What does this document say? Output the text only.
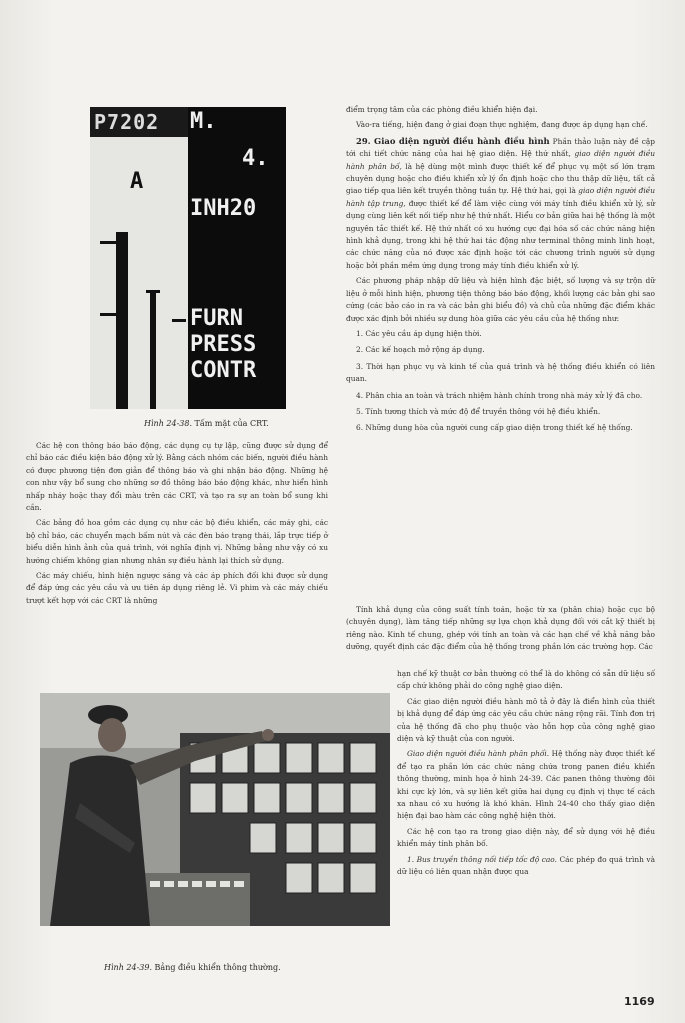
P7202
A
M.
4.
INH20
FURN
PRESS
CONTR
Hình 24-38. Tấm mặt của CRT.

Các hệ con thông báo báo động, các dụng cụ tự lập, cũng được sử dụng để chỉ báo các điều kiện báo động xử lý. Bằng cách nhóm các biến, người điều hành có được phương tiện đơn giản để thông báo và ghi nhận báo động. Những hệ con như vậy bổ sung cho những sơ đồ thông báo báo động khác, như hiển hình nhấp nháy hoặc thay đổi màu trên các CRT, và tạo ra sự an toàn bổ sung khi cần.

Các bảng đồ hoa gồm các dụng cụ như các bộ điều khiển, các máy ghi, các bộ chỉ báo, các chuyển mạch bấm nút và các đèn báo trạng thái, lắp trực tiếp ở biểu diễn hình ảnh của quá trình, với nghĩa định vị. Những bảng như vậy có xu hướng chiếm không gian nhưng nhân sự điều hành lại thích sử dụng.

Các máy chiếu, hình hiện ngược sáng và các áp phích đối khi được sử dụng để đáp ứng các yêu cầu và ưu tiên áp dụng riêng lẻ. Vi phim và các máy chiếu trượt kết hợp với các CRT là những

Hình 24-39. Bảng điều khiển thông thường.

điểm trọng tâm của các phòng điều khiển hiện đại.

Vào-ra tiếng, hiện đang ở giai đoạn thực nghiệm, đang được áp dụng hạn chế.

29. Giao diện người điều hành điều hình Phần thảo luận này đề cập tới chi tiết chức năng của hai hệ giao diện. Hệ thứ nhất, giao diện người điều hành phân bố, là hệ dùng một mình được thiết kế để phục vụ một số lớn trạm chuyên dụng hoặc cho điều khiển xử lý ổn định hoặc cho thu thập dữ liệu, tất cả giao tiếp qua liên kết truyền thông tuần tự. Hệ thứ hai, gọi là giao diện người điều hành tập trung, được thiết kế để làm việc cùng với máy tính điều khiển xử lý, sử dụng cùng liên kết nối tiếp như hệ thứ nhất. Hiểu cơ bản giữa hai hệ thống là một nguyên tắc thiết kế. Hệ thứ nhất có xu hướng cực đại hóa số các chức năng hiện hình khả dụng, trong khi hệ thứ hai tác động như terminal thông minh linh hoạt, các chức năng của nó được xác định hoặc tới các chương trình người sử dụng hoặc bởi phần mềm ứng dụng trong máy tính điều khiển xử lý.

Các phương pháp nhập dữ liệu và hiện hình đặc biệt, số lượng và sự trộn dữ liệu ở mỗi hình hiện, phương tiện thông báo báo động, khối lượng các bản ghi sao cứng (các bảo cáo in ra và các bản ghi biểu đồ) và chủ của những đặc điểm khác được xác định bởi nhiều sự dung hòa giữa các yêu cầu của hệ thống như:

1. Các yêu cầu áp dụng hiện thời.

2. Các kế hoạch mở rộng áp dụng.

3. Thời hạn phục vụ và kinh tế của quá trình và hệ thống điều khiển có liên quan.

4. Phân chia an toàn và trách nhiệm hành chính trong nhà máy xử lý đã cho.

5. Tính tương thích và mức độ để truyền thông với hệ điều khiển.

6. Những dung hòa của người cung cấp giao diện trong thiết kế hệ thống.

Tính khả dụng của công suất tính toán, hoặc từ xa (phân chia) hoặc cục bộ (chuyên dụng), làm tăng tiếp những sự lựa chọn khả dụng đối với cắt kỹ thiết bị riêng nào. Kinh tế chung, ghép với tính an toàn và các hạn chế về khả năng bảo dưỡng, quyết định các đặc điểm của hệ thống trong phần lớn các trường hợp. Các

hạn chế kỹ thuật cơ bản thường có thể là do không có sẵn dữ liệu số cấp chứ không phải do công nghệ giao diện.

Các giao diện người điều hành mô tả ở đây là điển hình của thiết bị khả dụng để đáp ứng các yêu cầu chức năng rộng rãi. Tính đơn trị của hệ thống đã cho phụ thuộc vào hỗn hợp của công nghệ giao diện và kỹ thuật của con người.

Giao diện người điều hành phân phối. Hệ thống này được thiết kế để tạo ra phần lớn các chức năng chứa trong panen điều khiển thông thường, minh họa ở hình 24-39. Các panen thông thường đôi khi cực kỳ lớn, và sự liên kết giữa hai dụng cụ định vị thực tế cách xa nhau có xu hướng là khó khăn. Hình 24-40 cho thấy giao diện hiện đại bao hàm các công nghệ hiện thời.

Các hệ con tạo ra trong giao diện này, để sử dụng với hệ điều khiển máy tính phân bố.

1. Bus truyền thông nối tiếp tốc độ cao. Các phép đo quá trình và dữ liệu có liên quan nhận được qua

1169
